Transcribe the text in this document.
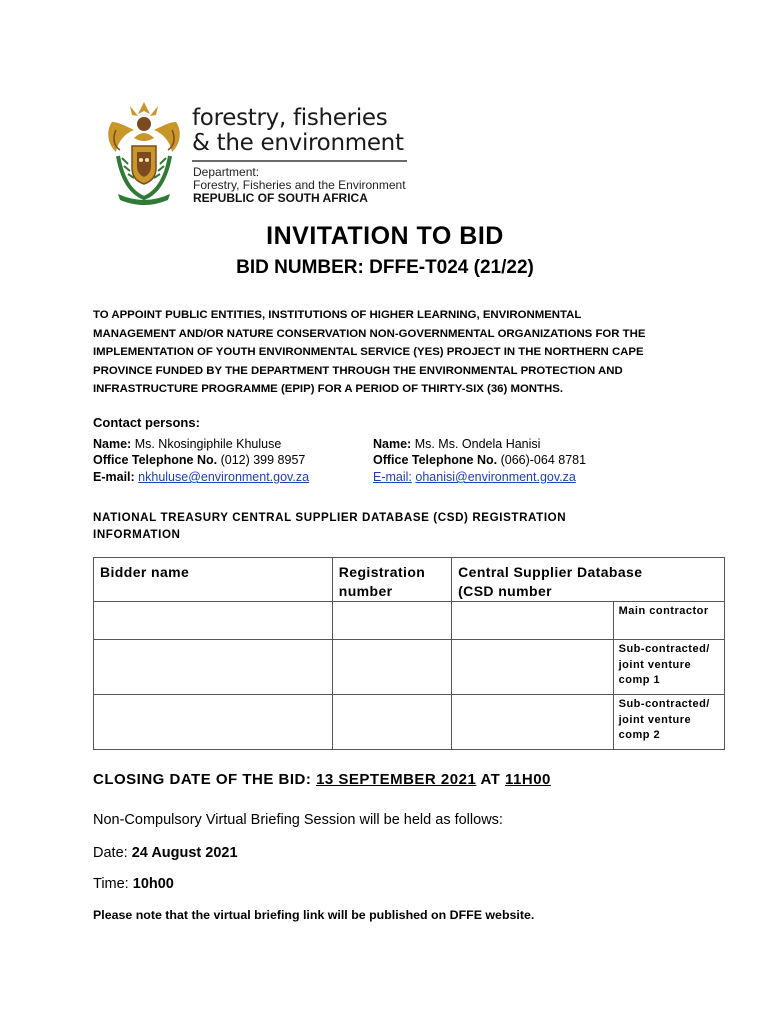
forestry, fisheries
& the environment
Department:
Forestry, Fisheries and the Environment
REPUBLIC OF SOUTH AFRICA
INVITATION TO BID
BID NUMBER: DFFE-T024 (21/22)
TO APPOINT PUBLIC ENTITIES, INSTITUTIONS OF HIGHER LEARNING, ENVIRONMENTAL
MANAGEMENT AND/OR NATURE CONSERVATION NON-GOVERNMENTAL ORGANIZATIONS FOR THE
IMPLEMENTATION OF YOUTH ENVIRONMENTAL SERVICE (YES) PROJECT IN THE NORTHERN CAPE
PROVINCE FUNDED BY THE DEPARTMENT THROUGH THE ENVIRONMENTAL PROTECTION AND
INFRASTRUCTURE PROGRAMME (EPIP) FOR A PERIOD OF THIRTY-SIX (36) MONTHS.
Contact persons:
Name: Ms. Nkosingiphile Khuluse
Office Telephone No. (012) 399 8957
E-mail: nkhuluse@environment.gov.za
Name: Ms. Ms. Ondela Hanisi
Office Telephone No. (066)-064 8781
E-mail: ohanisi@environment.gov.za
NATIONAL TREASURY CENTRAL SUPPLIER DATABASE (CSD) REGISTRATION
INFORMATION
Bidder name	Registration number	Central Supplier Database (CSD number	

			Main contractor

			Sub-contracted/ joint venture comp 1

			Sub-contracted/ joint venture comp 2
CLOSING DATE OF THE BID: 13 SEPTEMBER 2021 AT 11H00
Non-Compulsory Virtual Briefing Session will be held as follows:
Date: 24 August 2021
Time: 10h00
Please note that the virtual briefing link will be published on DFFE website.
